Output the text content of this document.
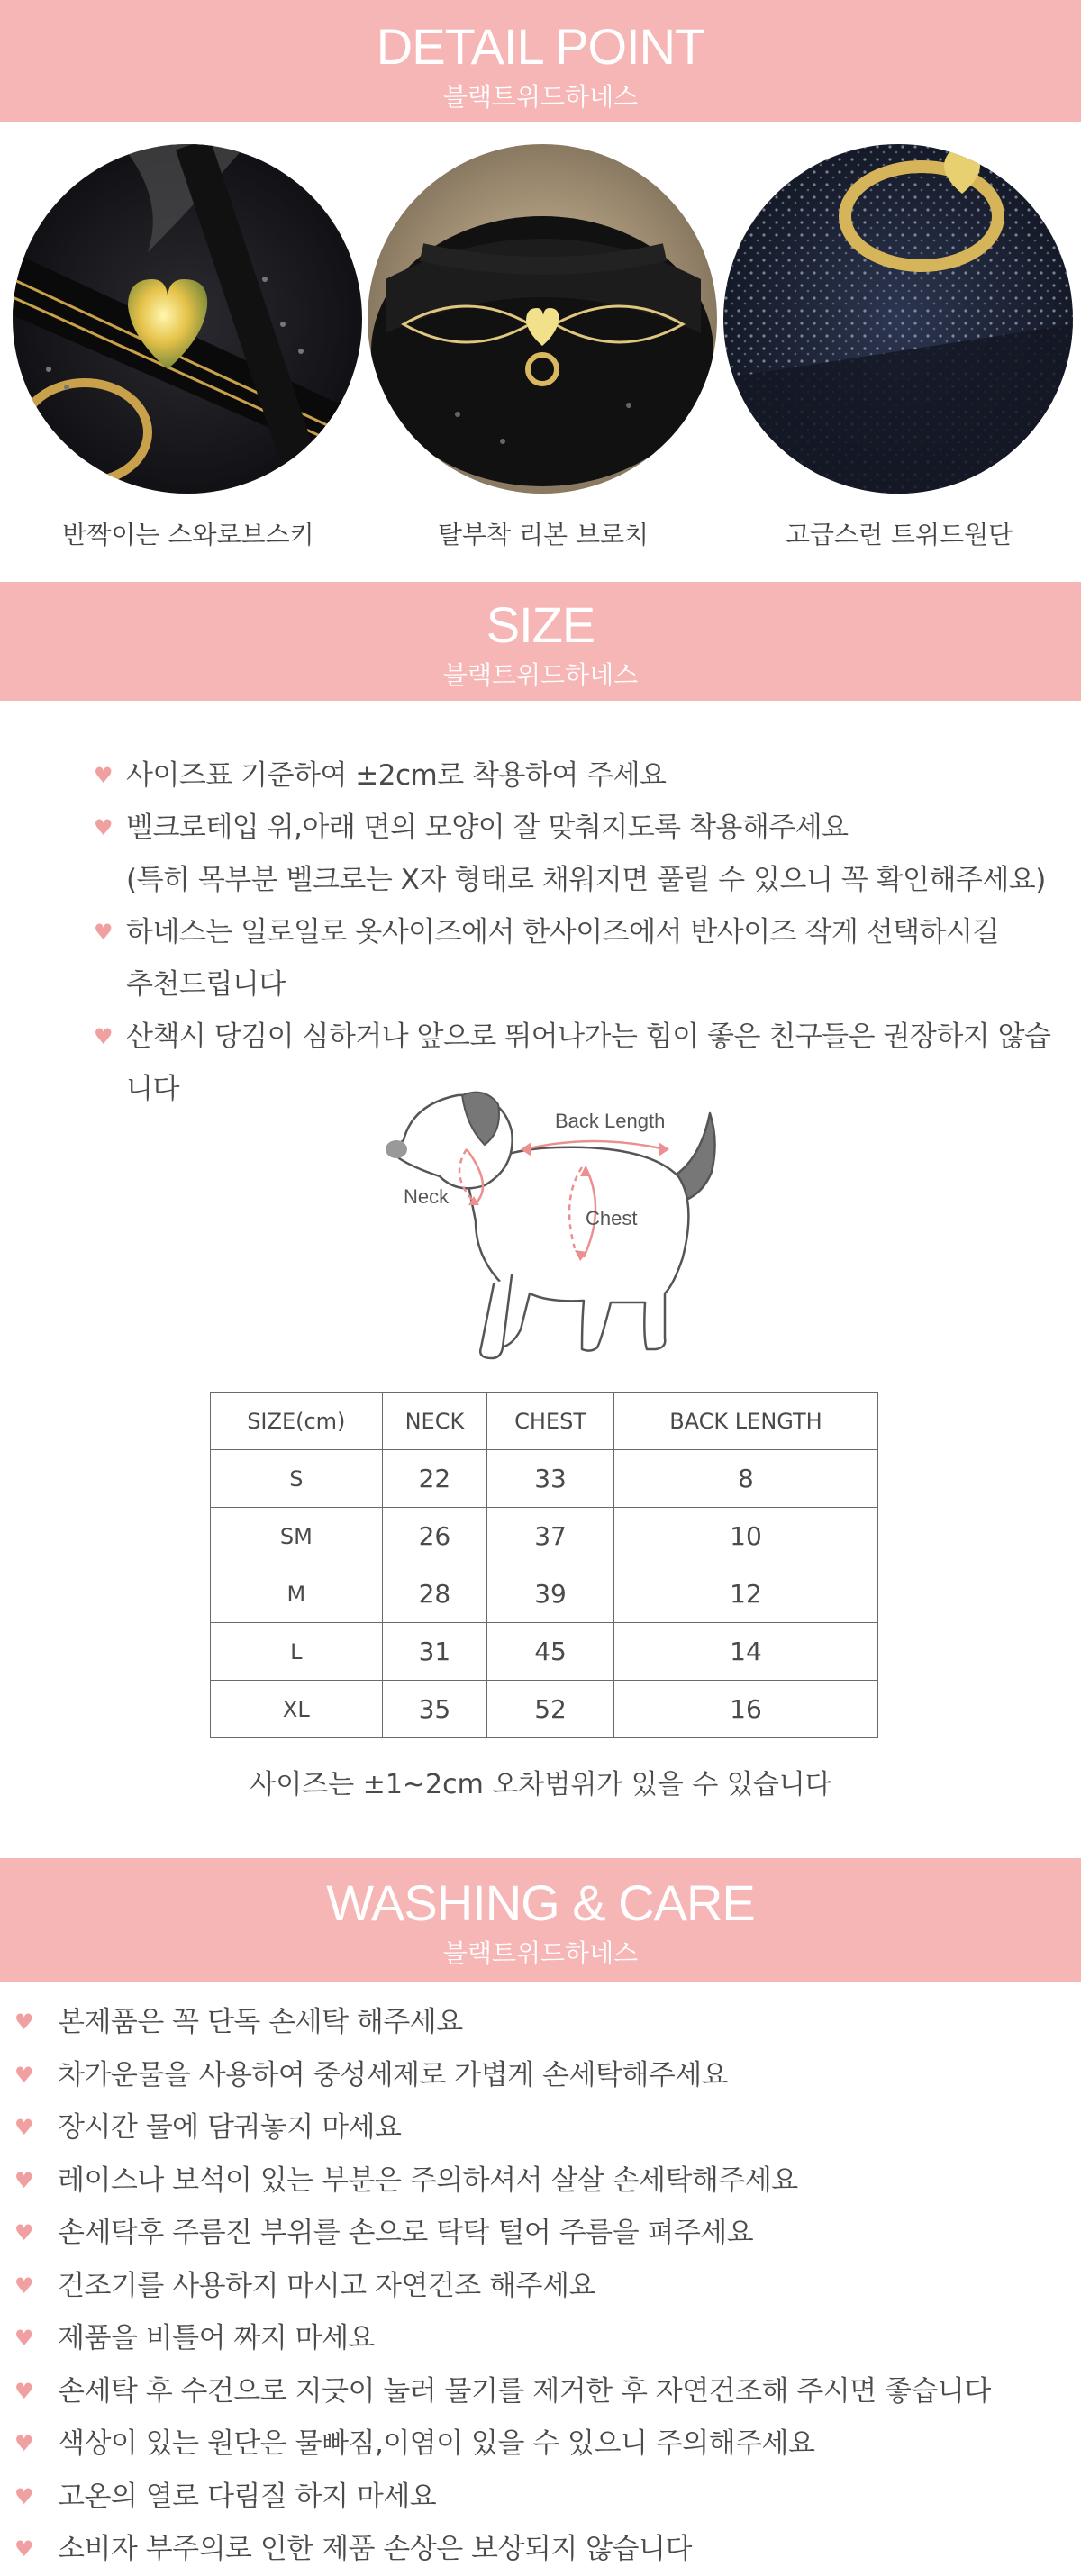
DETAIL POINT
블랙트위드하네스
반짝이는 스와로브스키	탈부착 리본 브로치	고급스런 트위드원단
SIZE
블랙트위드하네스
♥ 사이즈표 기준하여 ±2cm로 착용하여 주세요
♥ 벨크로테입 위,아래 면의 모양이 잘 맞춰지도록 착용해주세요
(특히 목부분 벨크로는 X자 형태로 채워지면 풀릴 수 있으니 꼭 확인해주세요)
♥ 하네스는 일로일로 옷사이즈에서 한사이즈에서 반사이즈 작게 선택하시길
추천드립니다
♥ 산책시 당김이 심하거나 앞으로 뛰어나가는 힘이 좋은 친구들은 권장하지 않습니다
Neck
Back Length
Chest
SIZE(cm)	NECK	CHEST	BACK LENGTH
S	22	33	8
SM	26	37	10
M	28	39	12
L	31	45	14
XL	35	52	16
사이즈는 ±1~2cm 오차범위가 있을 수 있습니다
WASHING & CARE
블랙트위드하네스
♥ 본제품은 꼭 단독 손세탁 해주세요
♥ 차가운물을 사용하여 중성세제로 가볍게 손세탁해주세요
♥ 장시간 물에 담궈놓지 마세요
♥ 레이스나 보석이 있는 부분은 주의하셔서 살살 손세탁해주세요
♥ 손세탁후 주름진 부위를 손으로 탁탁 털어 주름을 펴주세요
♥ 건조기를 사용하지 마시고 자연건조 해주세요
♥ 제품을 비틀어 짜지 마세요
♥ 손세탁 후 수건으로 지긋이 눌러 물기를 제거한 후 자연건조해 주시면 좋습니다
♥ 색상이 있는 원단은 물빠짐,이염이 있을 수 있으니 주의해주세요
♥ 고온의 열로 다림질 하지 마세요
♥ 소비자 부주의로 인한 제품 손상은 보상되지 않습니다
